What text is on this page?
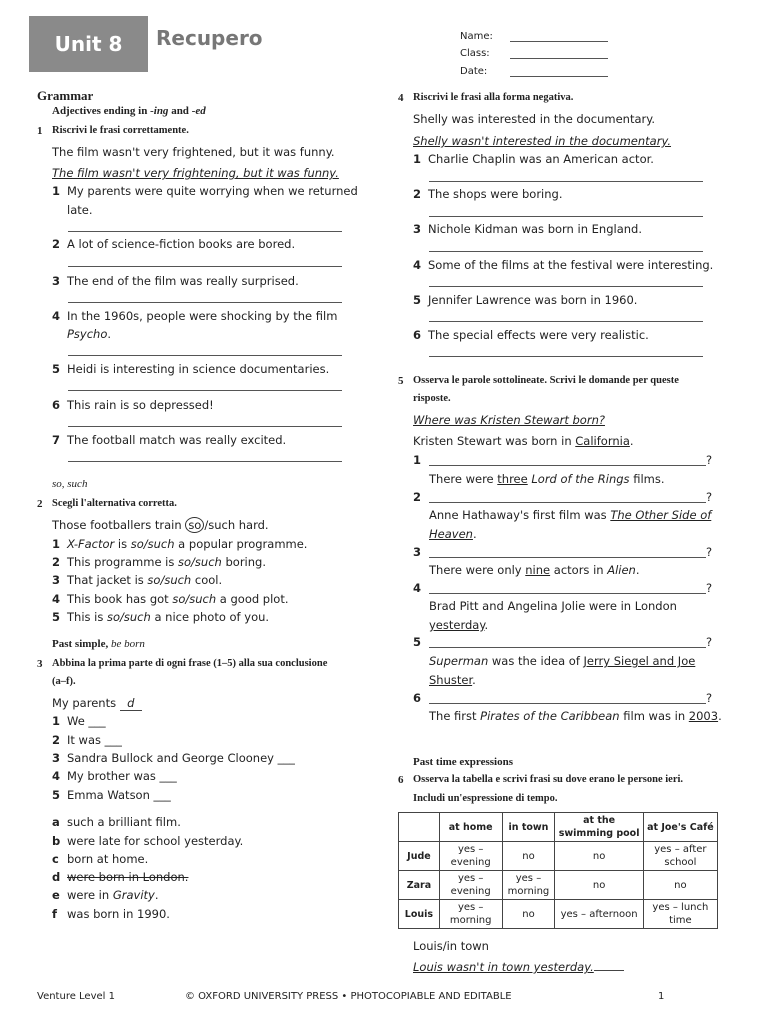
Unit 8	Recupero	Name:
Class:
Date:
Grammar
Adjectives ending in -ing and -ed
1 Riscrivi le frasi correttamente.
The film wasn't very frightened, but it was funny.
The film wasn't very frightening, but it was funny.
1 My parents were quite worrying when we returned
late.
2 A lot of science-fiction books are bored.
3 The end of the film was really surprised.
4 In the 1960s, people were shocking by the film
Psycho.
5 Heidi is interesting in science documentaries.
6 This rain is so depressed!
7 The football match was really excited.
so, such
2 Scegli l'alternativa corretta.
Those footballers train so /such hard.
1 X-Factor is so/such a popular programme.
2 This programme is so/such boring.
3 That jacket is so/such cool.
4 This book has got so/such a good plot.
5 This is so/such a nice photo of you.
Past simple, be born
3 Abbina la prima parte di ogni frase (1–5) alla sua conclusione
(a–f).
My parents d
1 We ___
2 It was ___
3 Sandra Bullock and George Clooney ___
4 My brother was ___
5 Emma Watson ___
a such a brilliant film.
b were late for school yesterday.
c born at home.
d were born in London.
e were in Gravity.
f was born in 1990.
4 Riscrivi le frasi alla forma negativa.
Shelly was interested in the documentary.
Shelly wasn't interested in the documentary.
1 Charlie Chaplin was an American actor.
2 The shops were boring.
3 Nichole Kidman was born in England.
4 Some of the films at the festival were interesting.
5 Jennifer Lawrence was born in 1960.
6 The special effects were very realistic.
5 Osserva le parole sottolineate. Scrivi le domande per queste
risposte.
Where was Kristen Stewart born?
Kristen Stewart was born in California.
1	?
There were three Lord of the Rings films.
2	?
Anne Hathaway's first film was The Other Side of
Heaven.
3	?
There were only nine actors in Alien.
4	?
Brad Pitt and Angelina Jolie were in London
yesterday.
5	?
Superman was the idea of Jerry Siegel and Joe
Shuster.
6	?
The first Pirates of the Caribbean film was in 2003.
Past time expressions
6 Osserva la tabella e scrivi frasi su dove erano le persone ieri.
Includi un'espressione di tempo.
	at home	in town	at the swimming pool	at Joe's Café
Jude	yes – evening	no	no	yes – after school
Zara	yes – evening	yes – morning	no	no
Louis	yes – morning	no	yes – afternoon	yes – lunch time
Louis/in town
Louis wasn't in town yesterday.
Venture Level 1	© OXFORD UNIVERSITY PRESS • PHOTOCOPIABLE AND EDITABLE	1
